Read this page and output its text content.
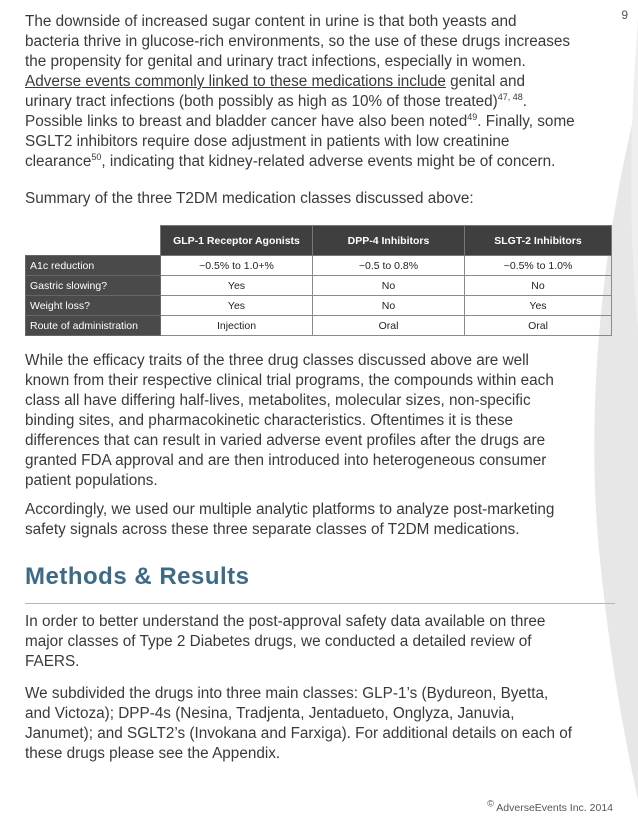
9
The downside of increased sugar content in urine is that both yeasts and
bacteria thrive in glucose-rich environments, so the use of these drugs increases
the propensity for genital and urinary tract infections, especially in women.
Adverse events commonly linked to these medications include genital and
urinary tract infections (both possibly as high as 10% of those treated)$^{47, 48}$.
Possible links to breast and bladder cancer have also been noted$^{49}$. Finally, some
SGLT2 inhibitors require dose adjustment in patients with low creatinine
clearance$^{50}$, indicating that kidney-related adverse events might be of concern.
Summary of the three T2DM medication classes discussed above:
	GLP-1 Receptor Agonists	DPP-4 Inhibitors	SLGT-2 Inhibitors
A1c reduction	~0.5% to 1.0+%	~0.5 to 0.8%	~0.5% to 1.0%
Gastric slowing?	Yes	No	No
Weight loss?	Yes	No	Yes
Route of administration	Injection	Oral	Oral
While the efficacy traits of the three drug classes discussed above are well
known from their respective clinical trial programs, the compounds within each
class all have differing half-lives, metabolites, molecular sizes, non-specific
binding sites, and pharmacokinetic characteristics. Oftentimes it is these
differences that can result in varied adverse event profiles after the drugs are
granted FDA approval and are then introduced into heterogeneous consumer
patient populations.
Accordingly, we used our multiple analytic platforms to analyze post-marketing
safety signals across these three separate classes of T2DM medications.
Methods & Results
In order to better understand the post-approval safety data available on three
major classes of Type 2 Diabetes drugs, we conducted a detailed review of
FAERS.
We subdivided the drugs into three main classes: GLP-1’s (Bydureon, Byetta,
and Victoza); DPP-4s (Nesina, Tradjenta, Jentadueto, Onglyza, Januvia,
Janumet); and SGLT2’s (Invokana and Farxiga). For additional details on each of
these drugs please see the Appendix.
© AdverseEvents Inc. 2014
